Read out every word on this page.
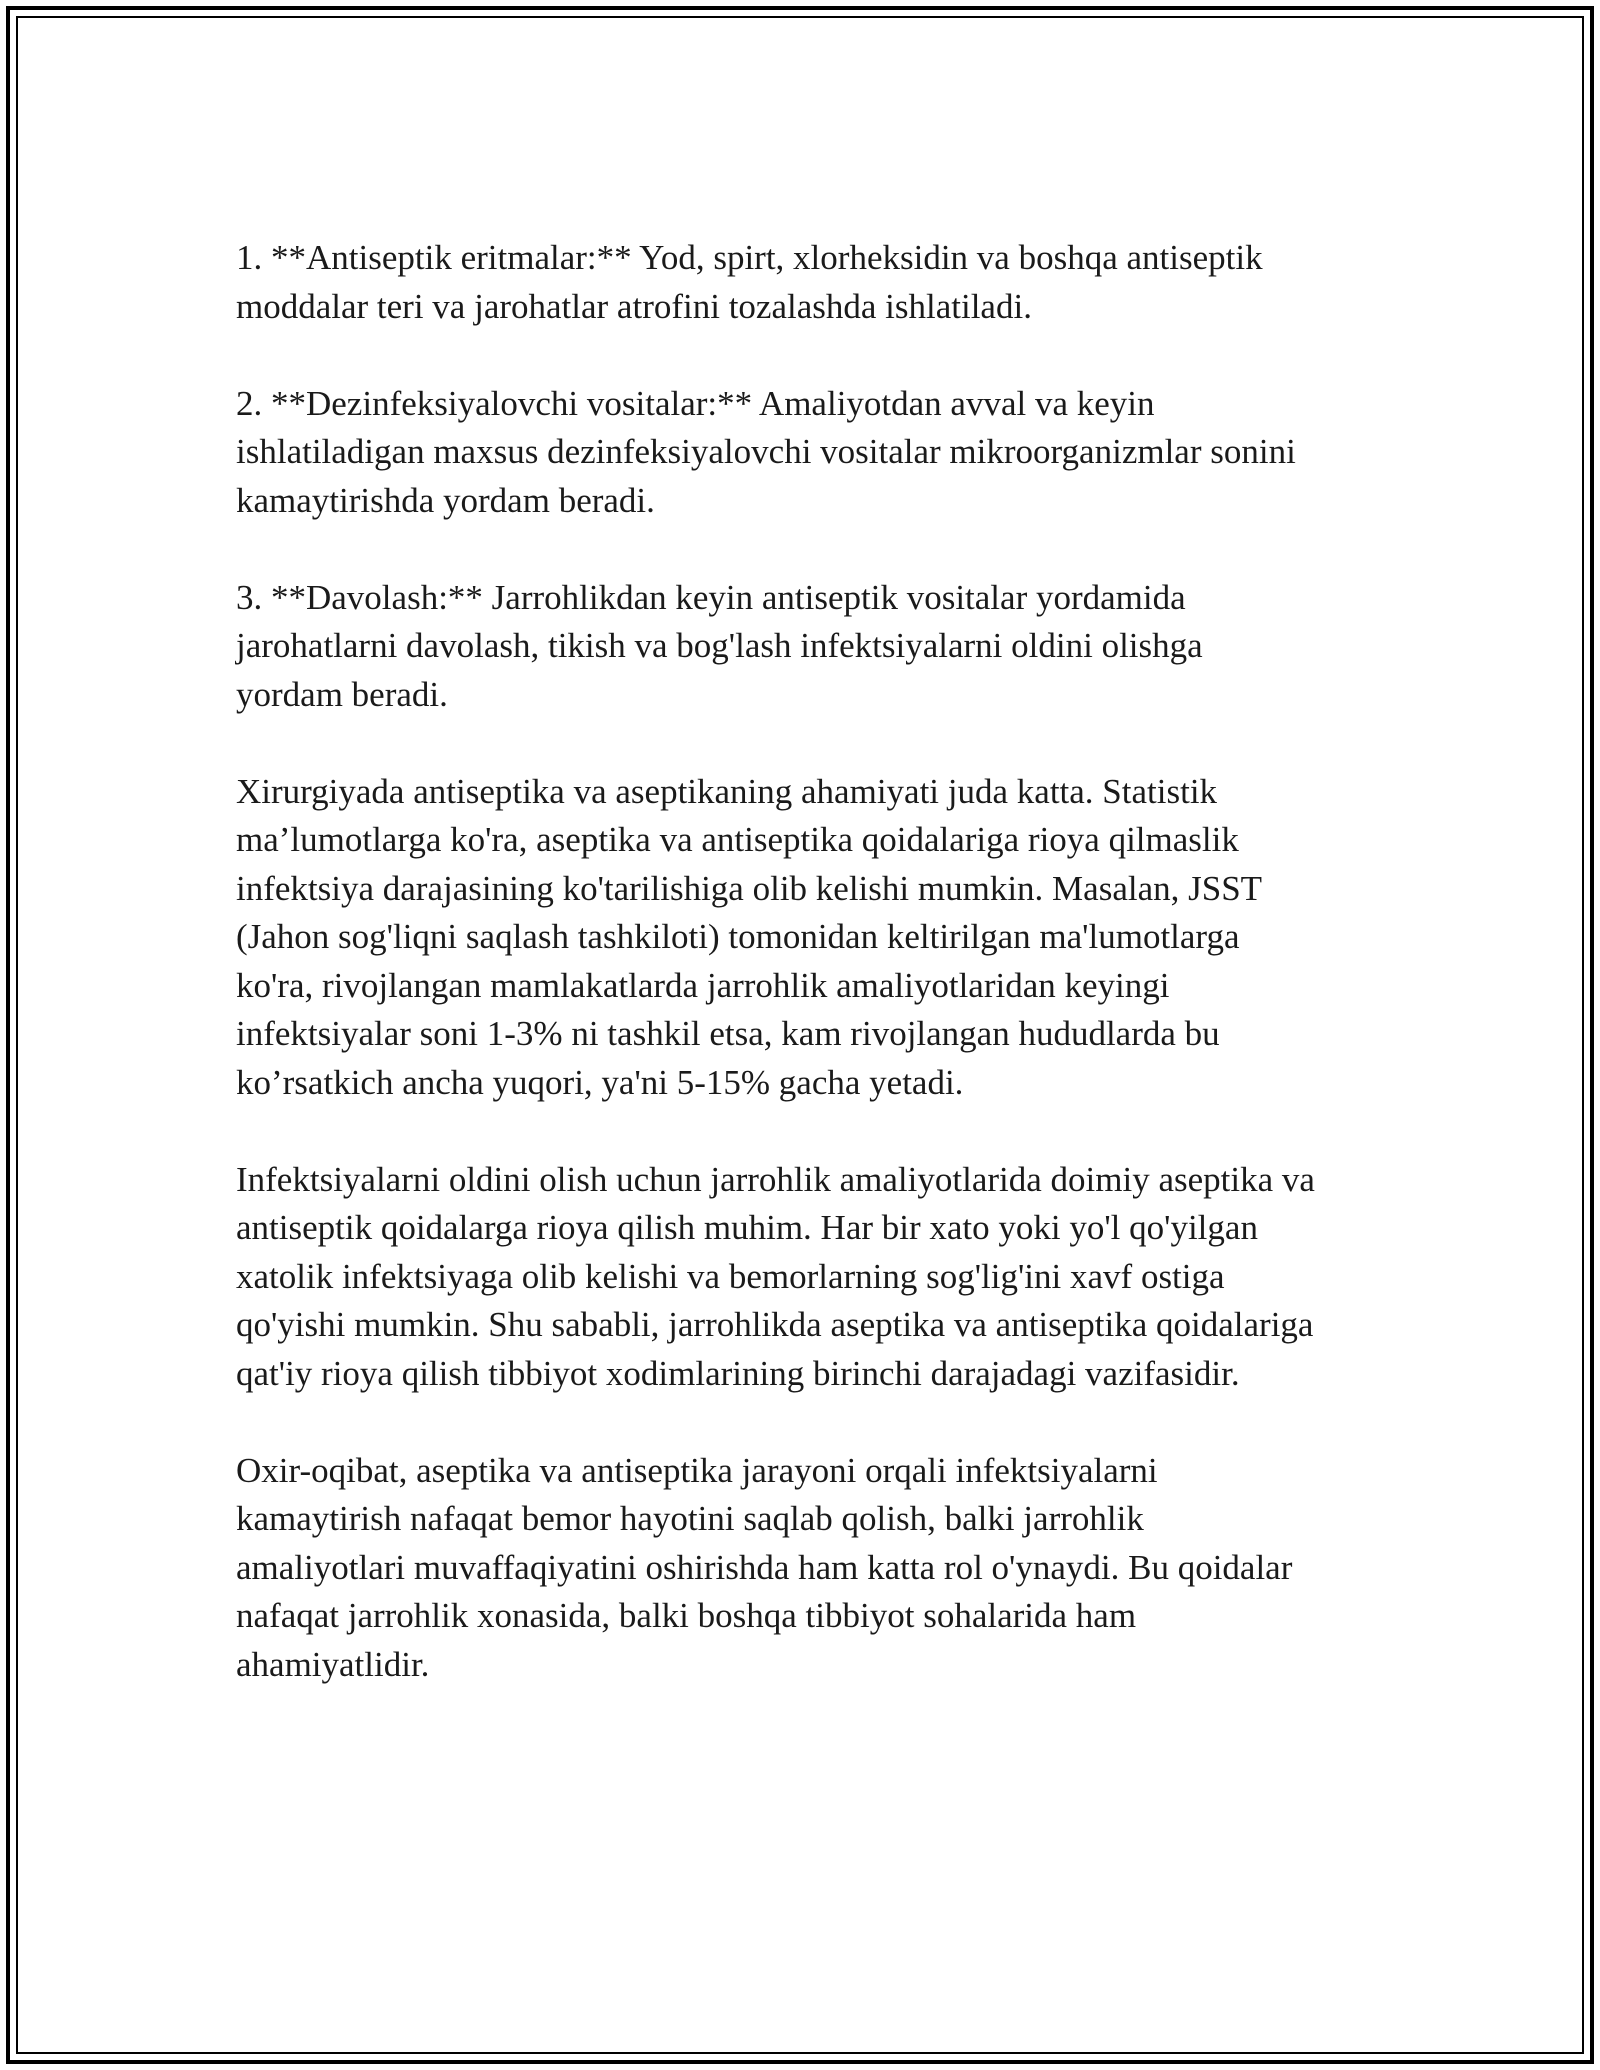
1. **Antiseptik eritmalar:** Yod, spirt, xlorheksidin va boshqa antiseptik
moddalar teri va jarohatlar atrofini tozalashda ishlatiladi.

2. **Dezinfeksiyalovchi vositalar:** Amaliyotdan avval va keyin
ishlatiladigan maxsus dezinfeksiyalovchi vositalar mikroorganizmlar sonini
kamaytirishda yordam beradi.

3. **Davolash:** Jarrohlikdan keyin antiseptik vositalar yordamida
jarohatlarni davolash, tikish va bog'lash infektsiyalarni oldini olishga
yordam beradi.

Xirurgiyada antiseptika va aseptikaning ahamiyati juda katta. Statistik
ma’lumotlarga ko'ra, aseptika va antiseptika qoidalariga rioya qilmaslik
infektsiya darajasining ko'tarilishiga olib kelishi mumkin. Masalan, JSST
(Jahon sog'liqni saqlash tashkiloti) tomonidan keltirilgan ma'lumotlarga
ko'ra, rivojlangan mamlakatlarda jarrohlik amaliyotlaridan keyingi
infektsiyalar soni 1-3% ni tashkil etsa, kam rivojlangan hududlarda bu
ko’rsatkich ancha yuqori, ya'ni 5-15% gacha yetadi.

Infektsiyalarni oldini olish uchun jarrohlik amaliyotlarida doimiy aseptika va
antiseptik qoidalarga rioya qilish muhim. Har bir xato yoki yo'l qo'yilgan
xatolik infektsiyaga olib kelishi va bemorlarning sog'lig'ini xavf ostiga
qo'yishi mumkin. Shu sababli, jarrohlikda aseptika va antiseptika qoidalariga
qat'iy rioya qilish tibbiyot xodimlarining birinchi darajadagi vazifasidir.

Oxir-oqibat, aseptika va antiseptika jarayoni orqali infektsiyalarni
kamaytirish nafaqat bemor hayotini saqlab qolish, balki jarrohlik
amaliyotlari muvaffaqiyatini oshirishda ham katta rol o'ynaydi. Bu qoidalar
nafaqat jarrohlik xonasida, balki boshqa tibbiyot sohalarida ham
ahamiyatlidir.
